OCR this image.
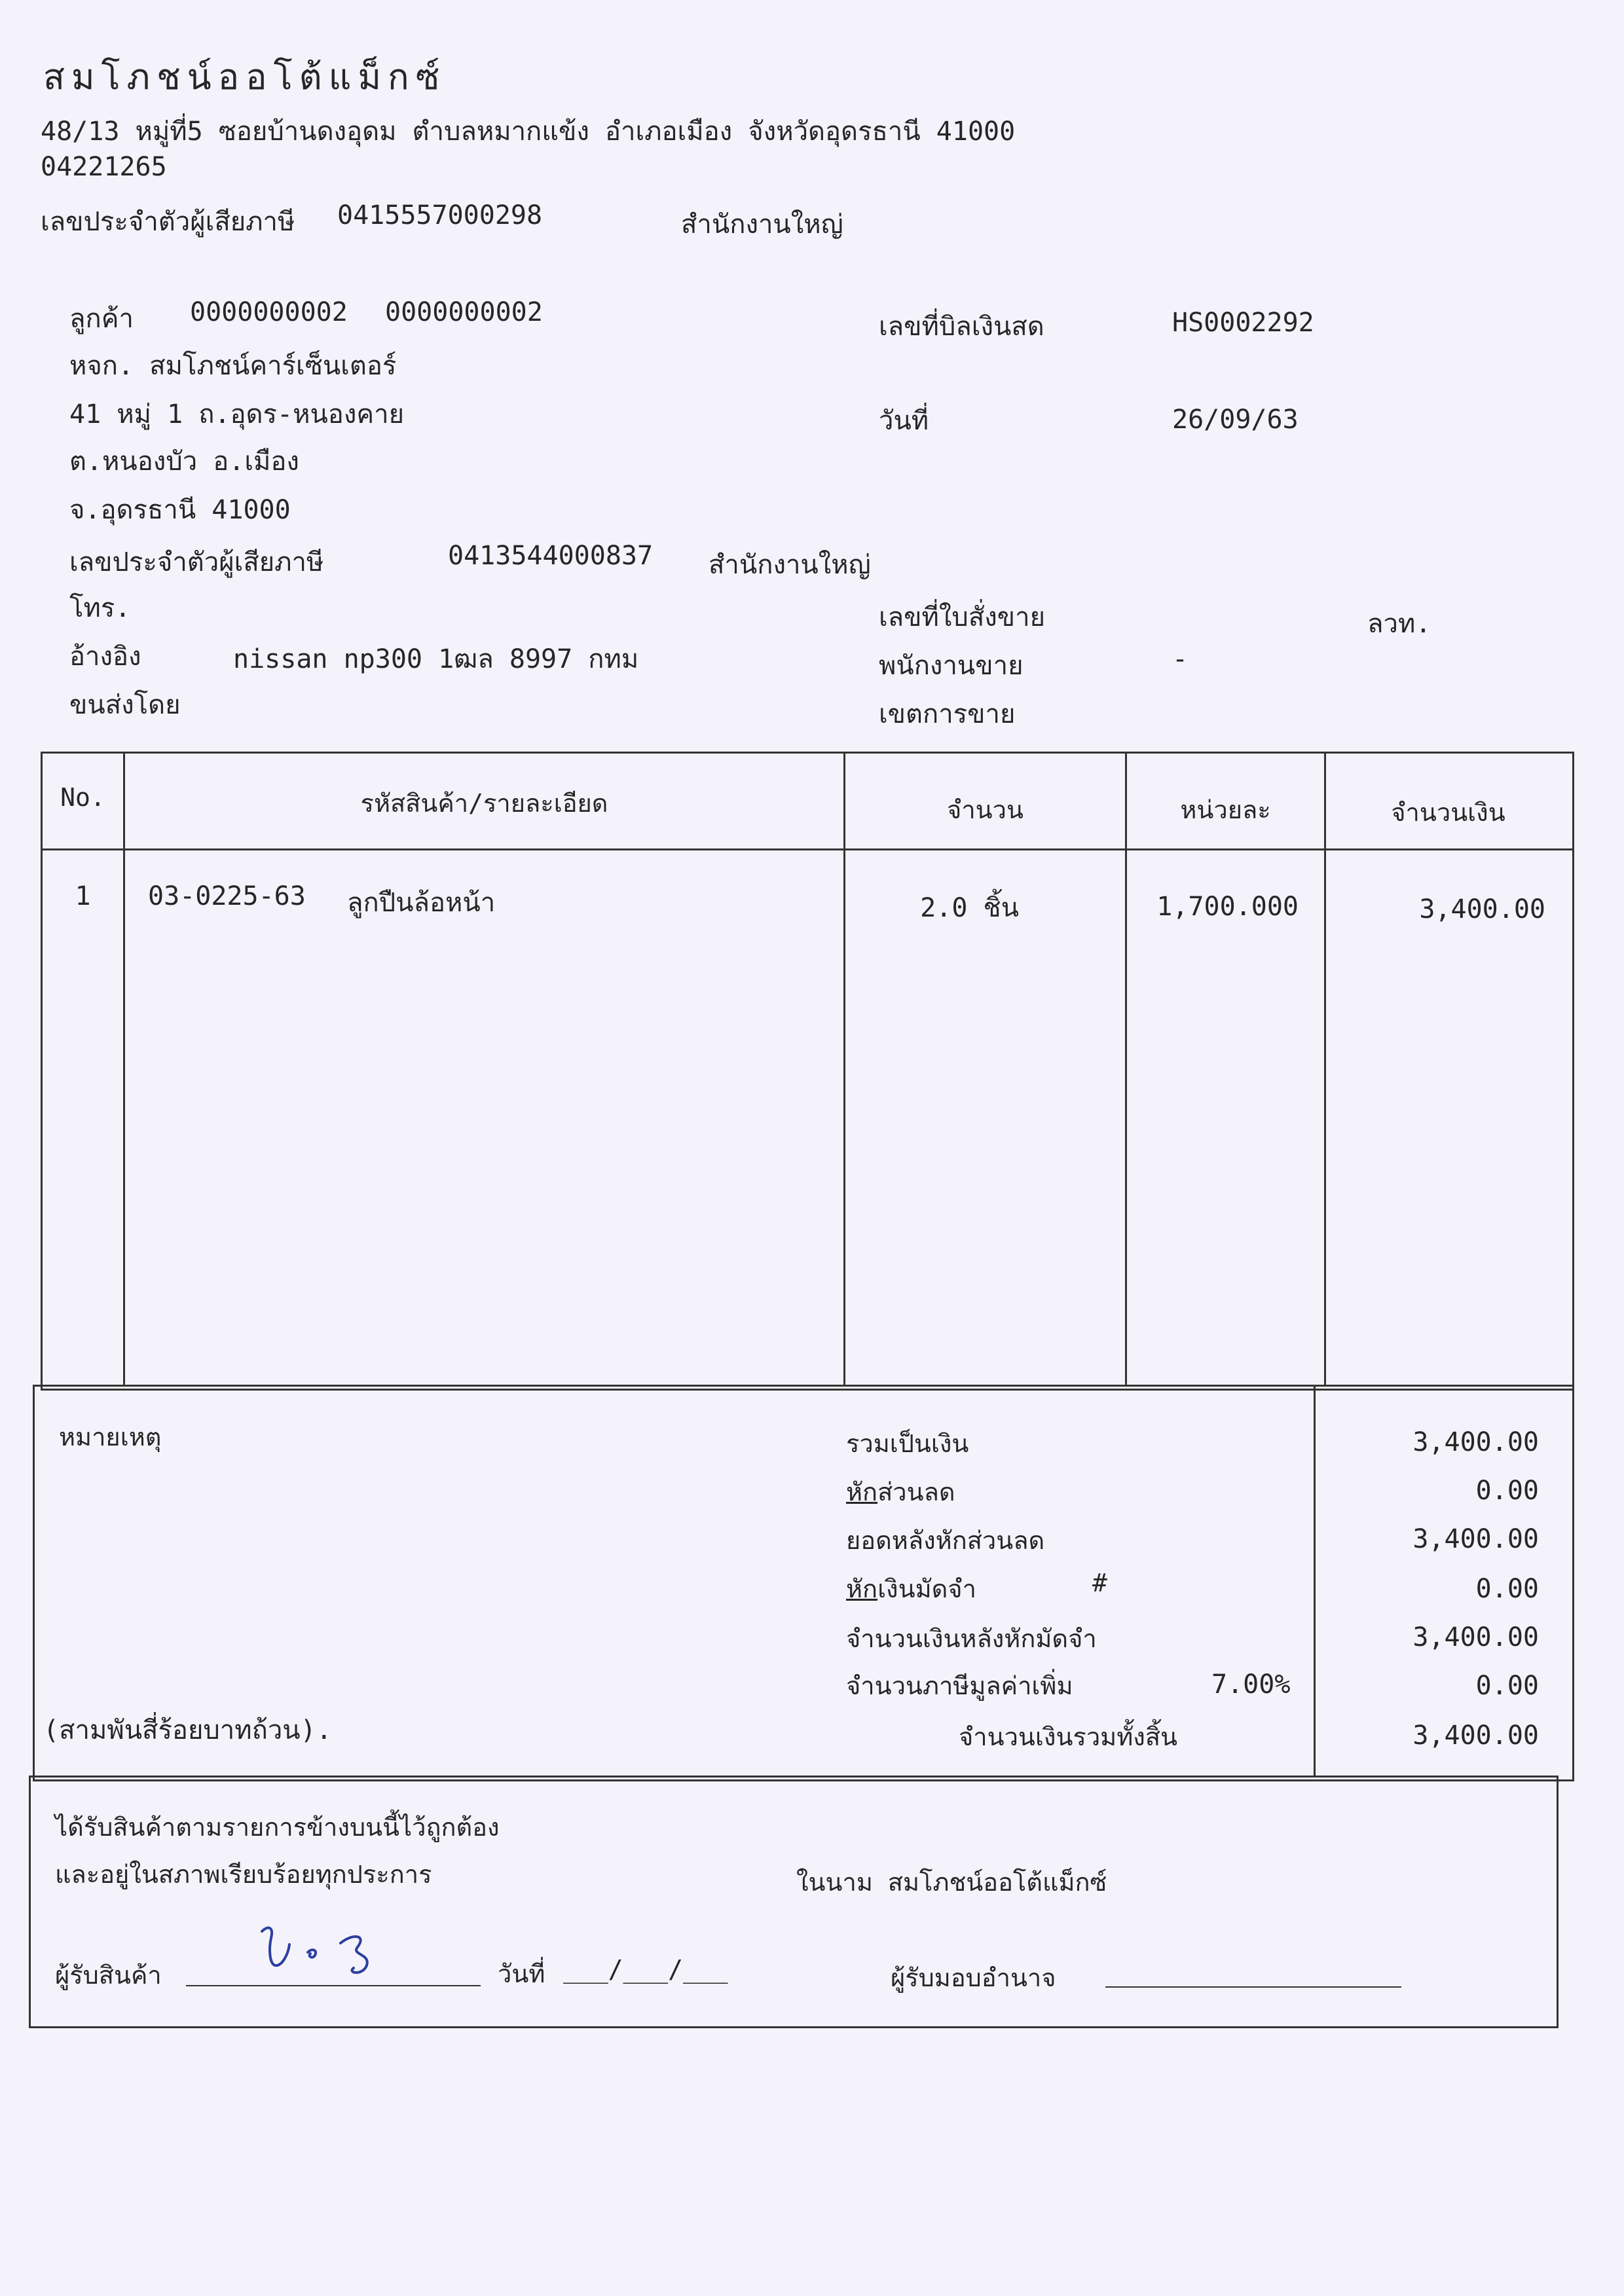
สมโภชน์ออโต้แม็กซ์
48/13 หมู่ที่5 ซอยบ้านดงอุดม ตำบลหมากแข้ง อำเภอเมือง จังหวัดอุดรธานี 41000
04221265
เลขประจำตัวผู้เสียภาษี 0415557000298	สำนักงานใหญ่
ลูกค้า 0000000002 0000000002
หจก. สมโภชน์คาร์เซ็นเตอร์
41 หมู่ 1 ถ.อุดร-หนองคาย
ต.หนองบัว อ.เมือง
จ.อุดรธานี 41000
เลขประจำตัวผู้เสียภาษี	0413544000837 สำนักงานใหญ่
โทร.
อ้างอิง	nissan np300 1ฒล 8997 กทม
ขนส่งโดย
เลขที่บิลเงินสด	HS0002292
วันที่	26/09/63
เลขที่ใบสั่งขาย	ลวท.
พนักงานขาย	-
เขตการขาย
No.	รหัสสินค้า/รายละเอียด	จำนวน	หน่วยละ	จำนวนเงิน
1	03-0225-63 ลูกปืนล้อหน้า	2.0 ชิ้น	1,700.000	3,400.00
หมายเหตุ	รวมเป็นเงิน	3,400.00
หักส่วนลด	0.00
ยอดหลังหักส่วนลด	3,400.00
หักเงินมัดจำ	#	0.00
จำนวนเงินหลังหักมัดจำ	3,400.00
จำนวนภาษีมูลค่าเพิ่ม	7.00%	0.00
(สามพันสี่ร้อยบาทถ้วน).	จำนวนเงินรวมทั้งสิ้น	3,400.00
ได้รับสินค้าตามรายการข้างบนนี้ไว้ถูกต้อง
และอยู่ในสภาพเรียบร้อยทุกประการ	ในนาม สมโภชน์ออโต้แม็กซ์
ผู้รับสินค้า	วันที่ ___/___/___	ผู้รับมอบอำนาจ
